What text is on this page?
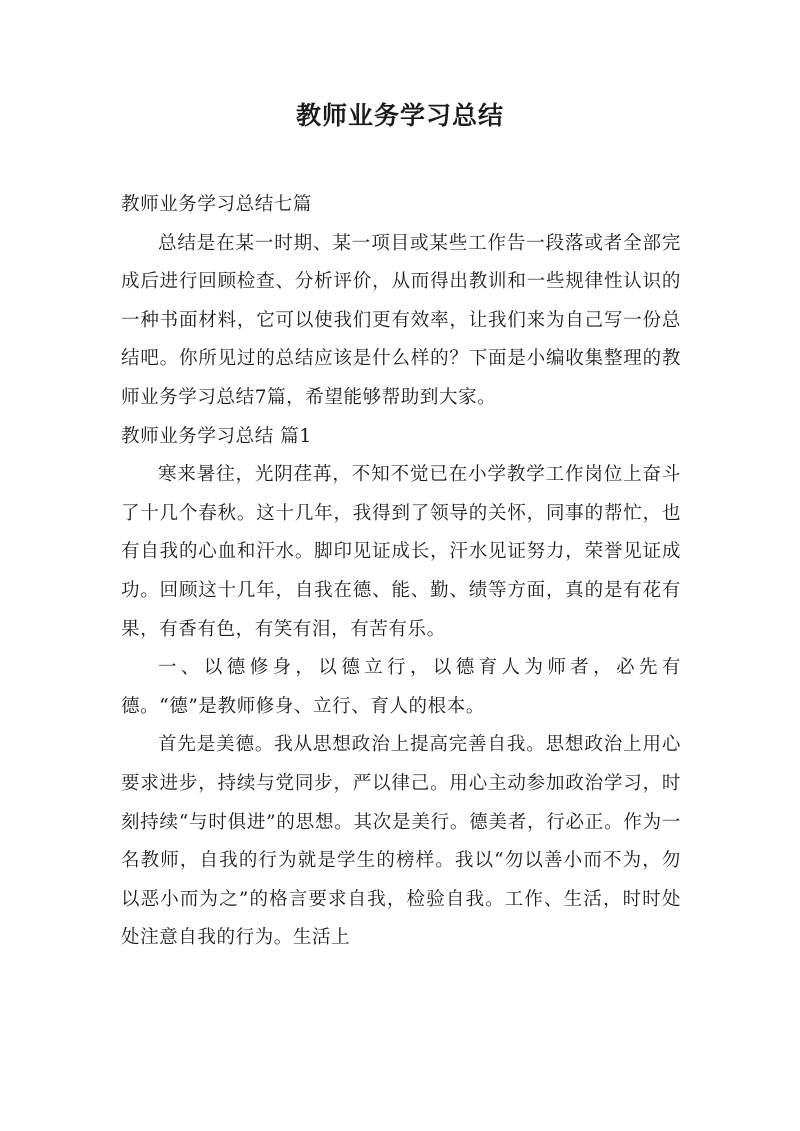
教师业务学习总结

教师业务学习总结七篇

总结是在某一时期、某一项目或某些工作告一段落或者全部完成后进行回顾检查、分析评价，从而得出教训和一些规律性认识的一种书面材料，它可以使我们更有效率，让我们来为自己写一份总结吧。你所见过的总结应该是什么样的？下面是小编收集整理的教师业务学习总结7篇，希望能够帮助到大家。

教师业务学习总结 篇1

寒来暑往，光阴荏苒，不知不觉已在小学教学工作岗位上奋斗了十几个春秋。这十几年，我得到了领导的关怀，同事的帮忙，也有自我的心血和汗水。脚印见证成长，汗水见证努力，荣誉见证成功。回顾这十几年，自我在德、能、勤、绩等方面，真的是有花有果，有香有色，有笑有泪，有苦有乐。

一、以德修身，以德立行，以德育人为师者，必先有德。“德”是教师修身、立行、育人的根本。

首先是美德。我从思想政治上提高完善自我。思想政治上用心要求进步，持续与党同步，严以律己。用心主动参加政治学习，时刻持续“与时俱进”的思想。其次是美行。德美者，行必正。作为一名教师，自我的行为就是学生的榜样。我以“勿以善小而不为，勿以恶小而为之”的格言要求自我，检验自我。工作、生活，时时处处注意自我的行为。生活上
